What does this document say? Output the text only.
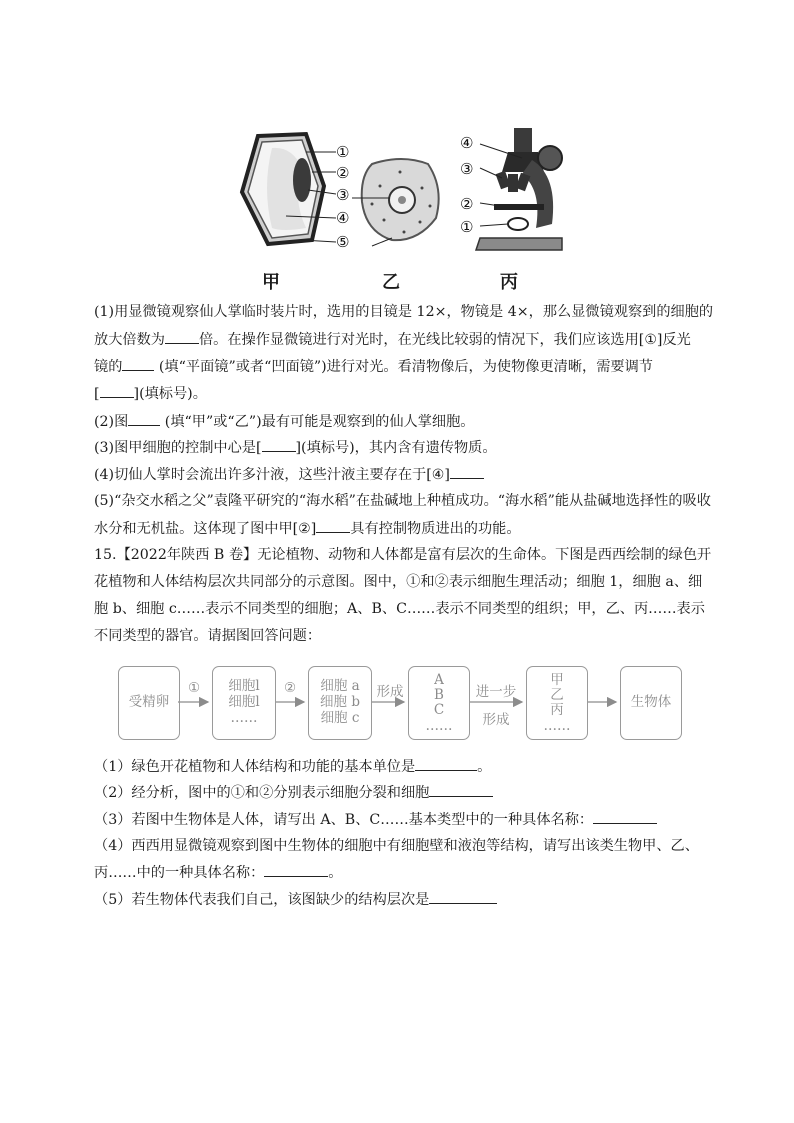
①
②
③
④
⑤
④
③
②
①
甲	乙	丙
(1)用显微镜观察仙人掌临时装片时，选用的目镜是 12×，物镜是 4×，那么显微镜观察到的细胞的
放大倍数为 倍。在操作显微镜进行对光时，在光线比较弱的情况下，我们应该选用[①]反光
镜的 (填“平面镜”或者“凹面镜”)进行对光。看清物像后，为使物像更清晰，需要调节
[ ](填标号)。
(2)图 (填“甲”或“乙”)最有可能是观察到的仙人掌细胞。
(3)图甲细胞的控制中心是[ ](填标号)，其内含有遗传物质。
(4)切仙人掌时会流出许多汁液，这些汁液主要存在于[④]
(5)“杂交水稻之父”袁隆平研究的“海水稻”在盐碱地上种植成功。“海水稻”能从盐碱地选择性的吸收
水分和无机盐。这体现了图中甲[②] 具有控制物质进出的功能。
15.【2022年陕西 B 卷】无论植物、动物和人体都是富有层次的生命体。下图是西西绘制的绿色开
花植物和人体结构层次共同部分的示意图。图中，①和②表示细胞生理活动；细胞 1，细胞 a、细
胞 b、细胞 c……表示不同类型的细胞；A、B、C……表示不同类型的组织；甲，乙、丙……表示
不同类型的器官。请据图回答问题：
受精卵
①	细胞l
细胞l
……
②	细胞 a
细胞 b
细胞 c
形成
A
B
C
……
进一步
形成
甲
乙
丙
……
生物体
（1）绿色开花植物和人体结构和功能的基本单位是	。
（2）经分析，图中的①和②分别表示细胞分裂和细胞
（3）若图中生物体是人体，请写出 A、B、C……基本类型中的一种具体名称：
（4）西西用显微镜观察到图中生物体的细胞中有细胞壁和液泡等结构，请写出该类生物甲、乙、
丙……中的一种具体名称：	。
（5）若生物体代表我们自己，该图缺少的结构层次是
